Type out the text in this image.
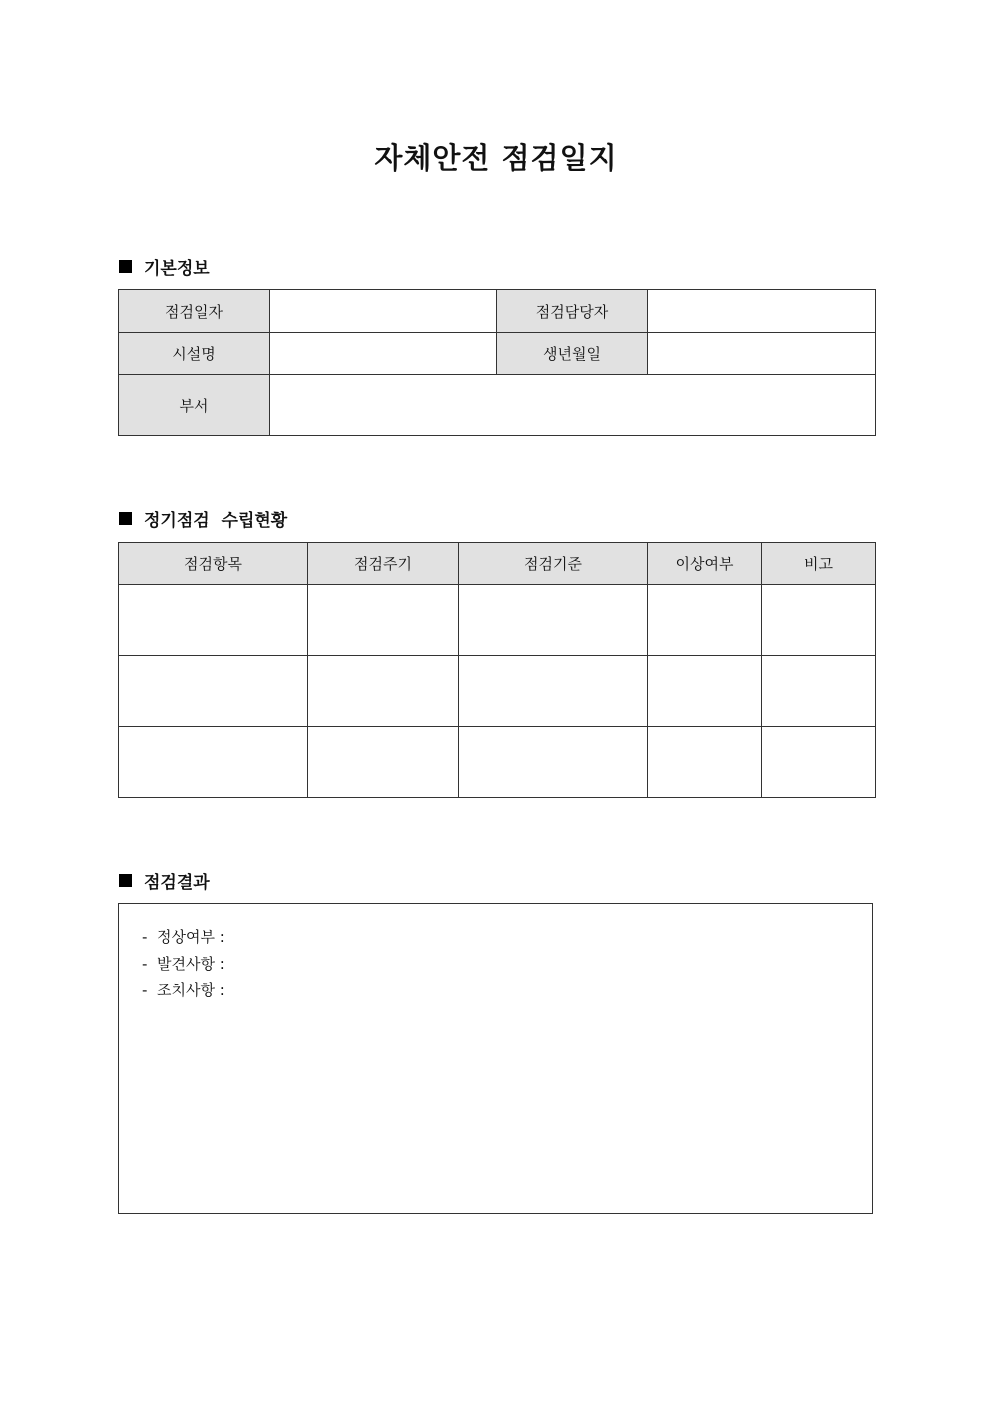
자체안전 점검일지
기본정보
점검일자		점검담당자	
시설명		생년월일	
부서			
정기점검  수립현황
점검항목	점검주기	점검기준	이상여부	비고

점검결과
- 정상여부 :
- 발견사항 :
- 조치사항 :
